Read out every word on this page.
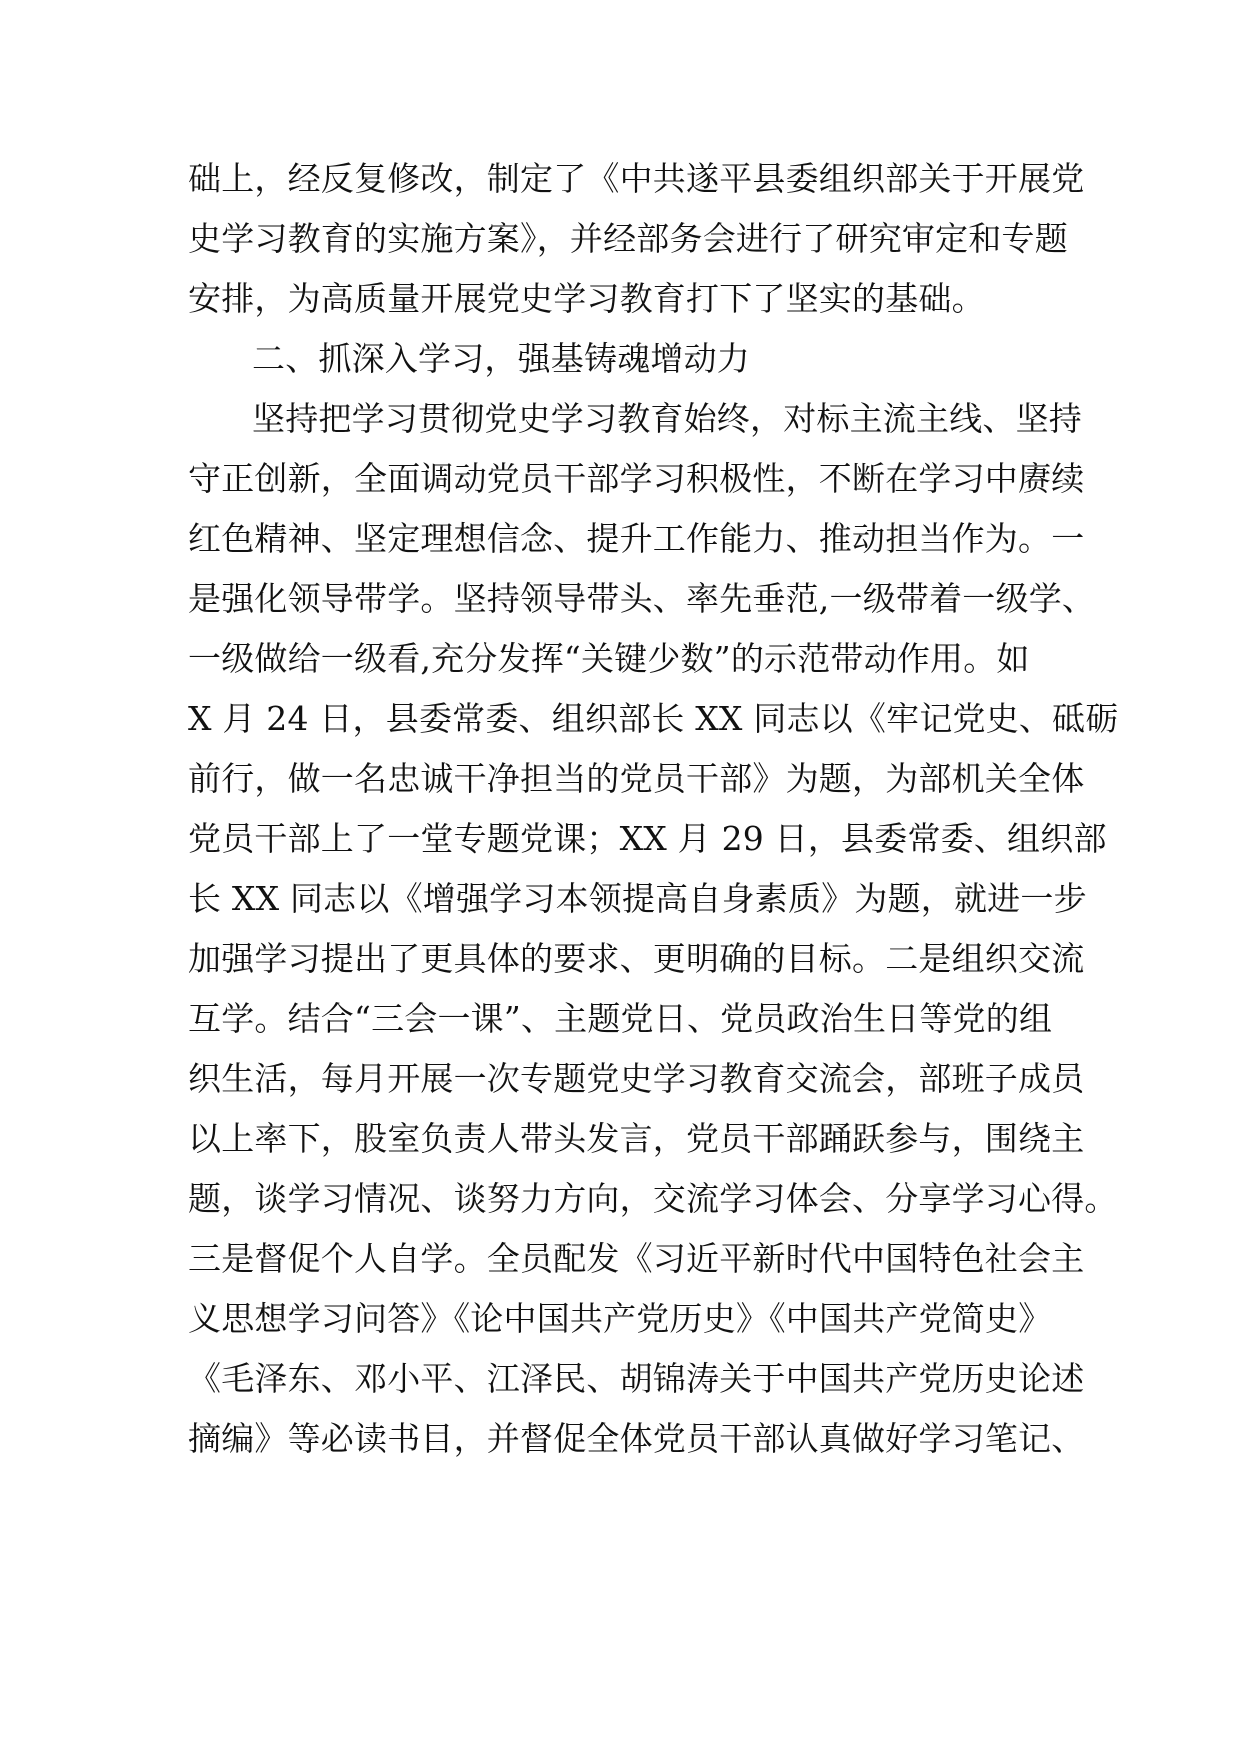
础上，经反复修改，制定了《中共遂平县委组织部关于开展党
史学习教育的实施方案》，并经部务会进行了研究审定和专题
安排，为高质量开展党史学习教育打下了坚实的基础。
二、抓深入学习，强基铸魂增动力
坚持把学习贯彻党史学习教育始终，对标主流主线、坚持
守正创新，全面调动党员干部学习积极性，不断在学习中赓续
红色精神、坚定理想信念、提升工作能力、推动担当作为。一
是强化领导带学。坚持领导带头、率先垂范,一级带着一级学、
一级做给一级看,充分发挥“关键少数”的示范带动作用。如
X 月 24 日，县委常委、组织部长 XX 同志以《牢记党史、砥砺
前行，做一名忠诚干净担当的党员干部》为题，为部机关全体
党员干部上了一堂专题党课；XX 月 29 日，县委常委、组织部
长 XX 同志以《增强学习本领提高自身素质》为题，就进一步
加强学习提出了更具体的要求、更明确的目标。二是组织交流
互学。结合“三会一课”、主题党日、党员政治生日等党的组
织生活，每月开展一次专题党史学习教育交流会，部班子成员
以上率下，股室负责人带头发言，党员干部踊跃参与，围绕主
题，谈学习情况、谈努力方向，交流学习体会、分享学习心得。
三是督促个人自学。全员配发《习近平新时代中国特色社会主
义思想学习问答》《论中国共产党历史》《中国共产党简史》
《毛泽东、邓小平、江泽民、胡锦涛关于中国共产党历史论述
摘编》等必读书目，并督促全体党员干部认真做好学习笔记、
